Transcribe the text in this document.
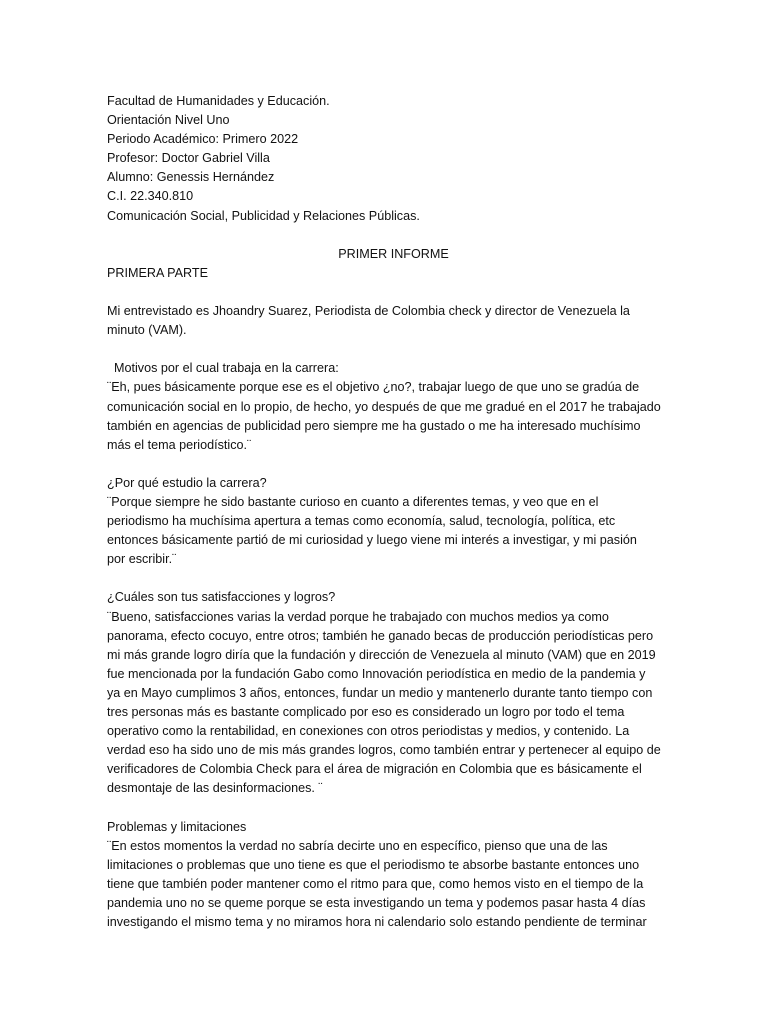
Facultad de Humanidades y Educación.
Orientación Nivel Uno
Periodo Académico: Primero 2022
Profesor: Doctor Gabriel Villa
Alumno: Genessis Hernández
C.I. 22.340.810
Comunicación Social, Publicidad y Relaciones Públicas.
PRIMER INFORME
PRIMERA PARTE
Mi entrevistado es Jhoandry Suarez, Periodista de Colombia check y director de Venezuela la
minuto (VAM).
Motivos por el cual trabaja en la carrera:
¨Eh, pues básicamente porque ese es el objetivo ¿no?, trabajar luego de que uno se gradúa de
comunicación social en lo propio, de hecho, yo después de que me gradué en el 2017 he trabajado
también en agencias de publicidad pero siempre me ha gustado o me ha interesado muchísimo
más el tema periodístico.¨
¿Por qué estudio la carrera?
¨Porque siempre he sido bastante curioso en cuanto a diferentes temas, y veo que en el
periodismo ha muchísima apertura a temas como economía, salud, tecnología, política, etc
entonces básicamente partió de mi curiosidad y luego viene mi interés a investigar, y mi pasión
por escribir.¨
¿Cuáles son tus satisfacciones y logros?
¨Bueno, satisfacciones varias la verdad porque he trabajado con muchos medios ya como
panorama, efecto cocuyo, entre otros; también he ganado becas de producción periodísticas pero
mi más grande logro diría que la fundación y dirección de Venezuela al minuto (VAM) que en 2019
fue mencionada por la fundación Gabo como Innovación periodística en medio de la pandemia y
ya en Mayo cumplimos 3 años, entonces, fundar un medio y mantenerlo durante tanto tiempo con
tres personas más es bastante complicado por eso es considerado un logro por todo el tema
operativo como la rentabilidad, en conexiones con otros periodistas y medios, y contenido. La
verdad eso ha sido uno de mis más grandes logros, como también entrar y pertenecer al equipo de
verificadores de Colombia Check para el área de migración en Colombia que es básicamente el
desmontaje de las desinformaciones. ¨
Problemas y limitaciones
¨En estos momentos la verdad no sabría decirte uno en específico, pienso que una de las
limitaciones o problemas que uno tiene es que el periodismo te absorbe bastante entonces uno
tiene que también poder mantener como el ritmo para que, como hemos visto en el tiempo de la
pandemia uno no se queme porque se esta investigando un tema y podemos pasar hasta 4 días
investigando el mismo tema y no miramos hora ni calendario solo estando pendiente de terminar
